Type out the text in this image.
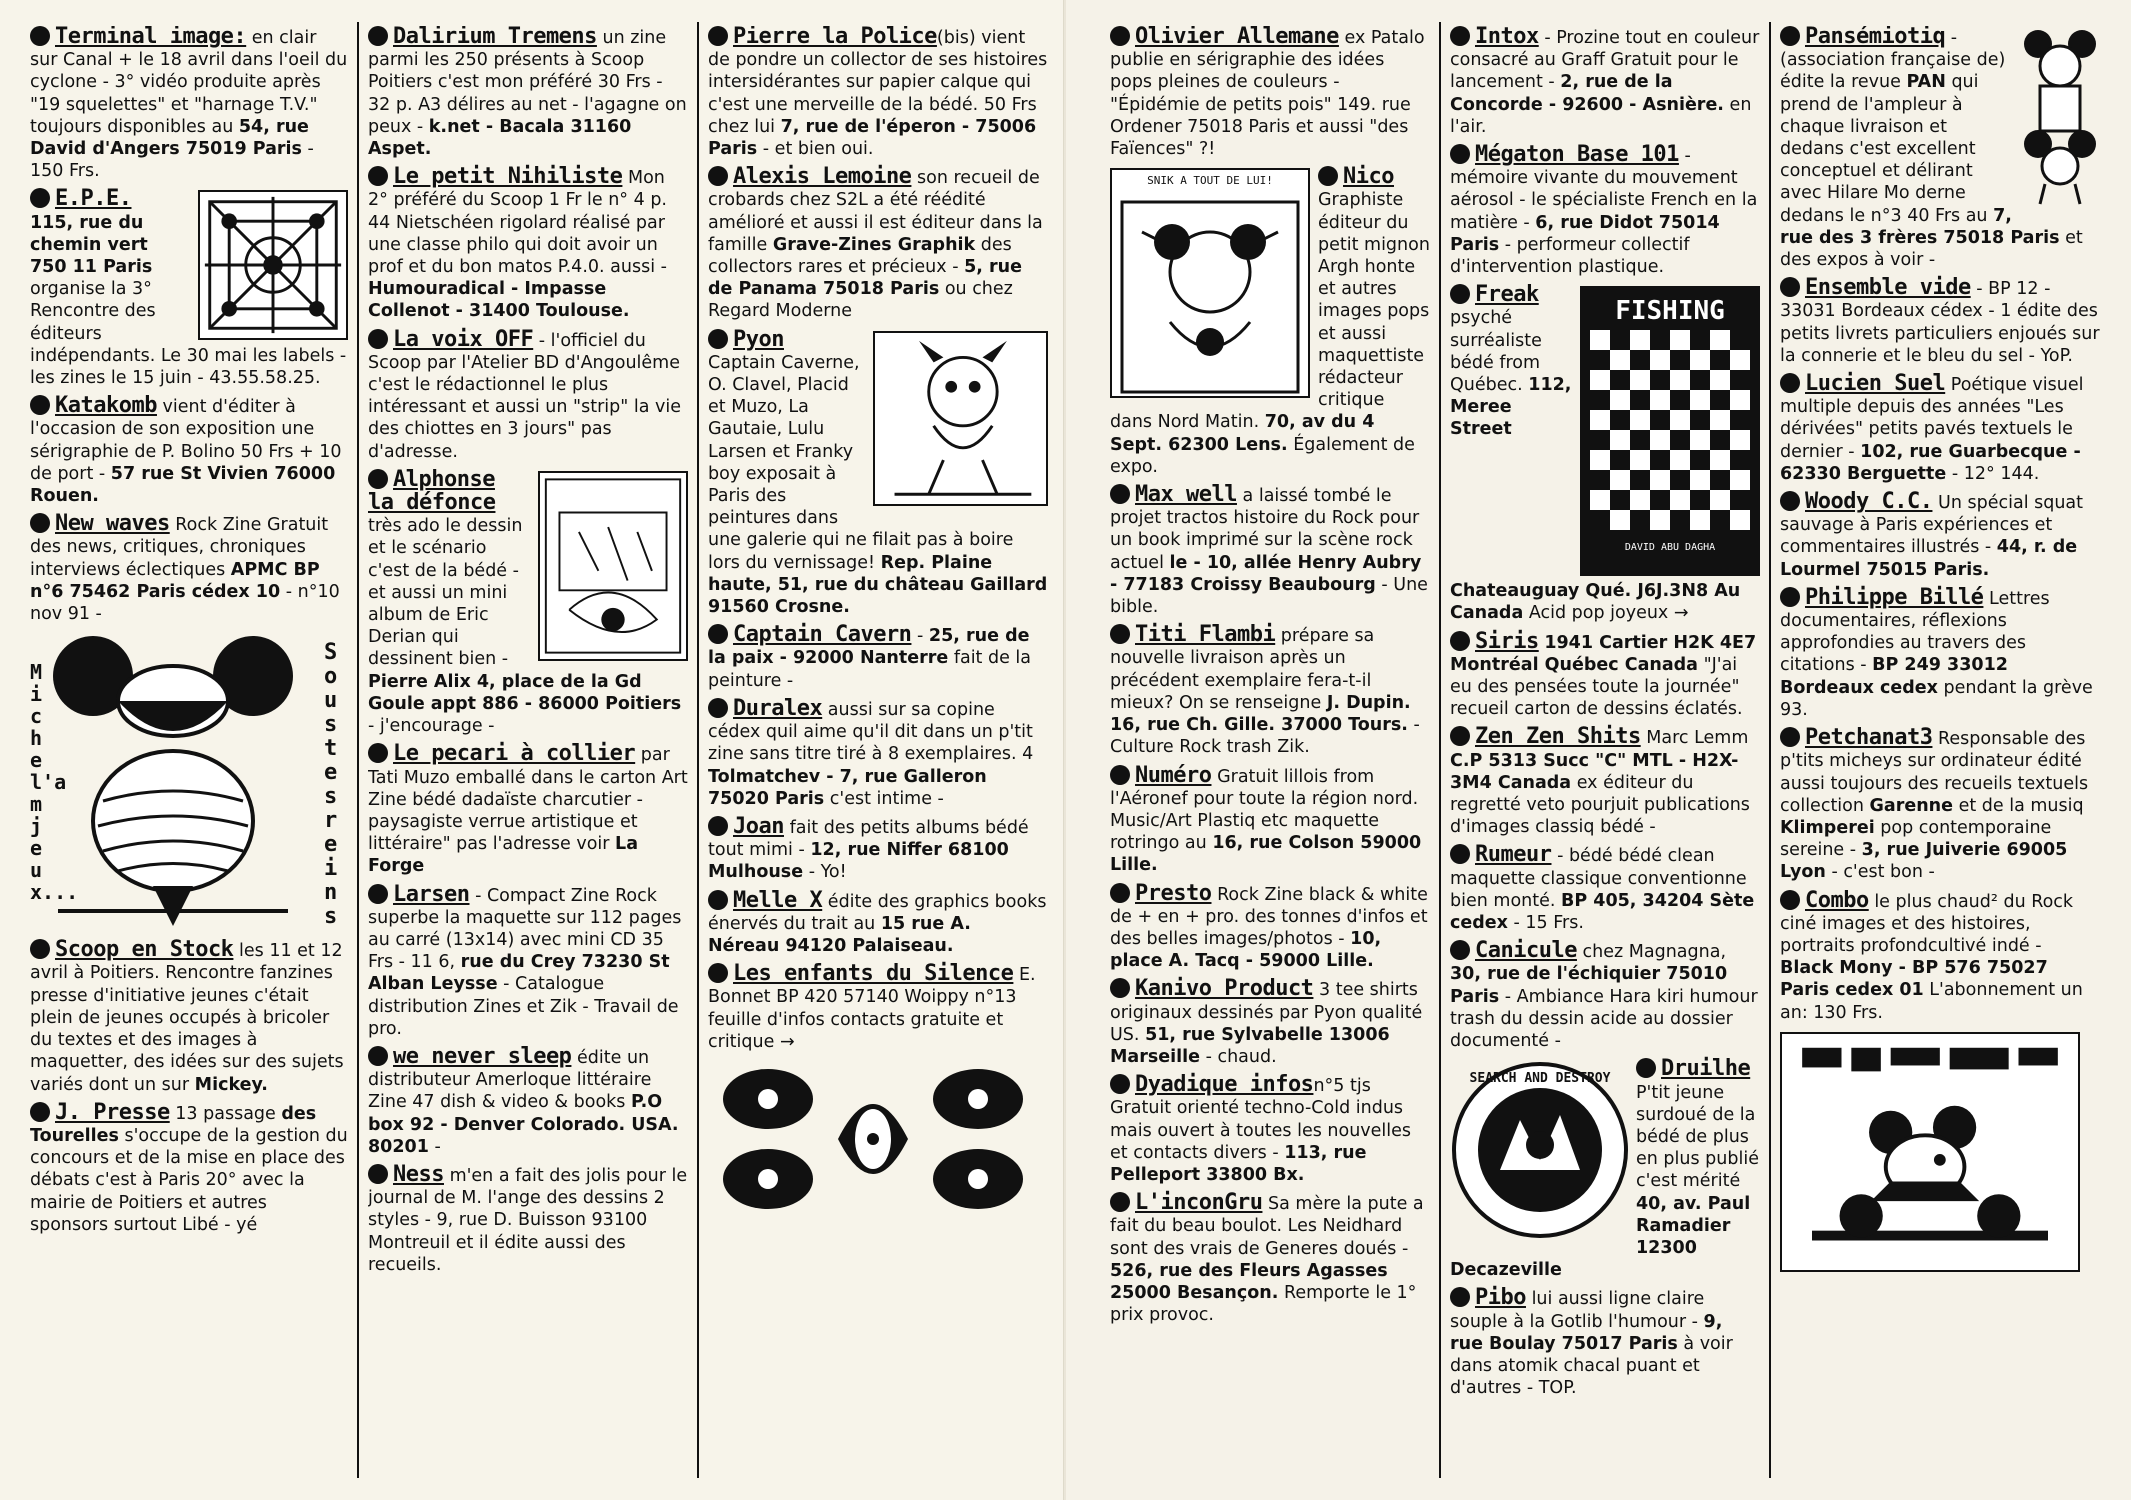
Terminal image: en clair sur Canal + le 18 avril dans l'oeil du cyclone - 3° vidéo produite après "19 squelettes" et "harnage T.V." toujours disponibles au 54, rue David d'Angers 75019 Paris - 150 Frs.
E.P.E.
115, rue du chemin vert 750 11 Paris organise la 3° Rencontre des éditeurs indépendants. Le 30 mai les labels - les zines le 15 juin - 43.55.58.25.
Katakomb vient d'éditer à l'occasion de son exposition une sérigraphie de P. Bolino 50 Frs + 10 de port - 57 rue St Vivien 76000 Rouen.
New waves Rock Zine Gratuit des news, critiques, chroniques interviews éclectiques APMC BP n°6 75462 Paris cédex 10 - n°10 nov 91 -
Miche l'amjeux...
Sous tes reins
Scoop en Stock les 11 et 12 avril à Poitiers. Rencontre fanzines presse d'initiative jeunes c'était plein de jeunes occupés à bricoler du textes et des images à maquetter, des idées sur des sujets variés dont un sur Mickey.
J. Presse 13 passage des Tourelles s'occupe de la gestion du concours et de la mise en place des débats c'est à Paris 20° avec la mairie de Poitiers et autres sponsors surtout Libé - yé
Dalirium Tremens un zine parmi les 250 présents à Scoop Poitiers c'est mon préféré 30 Frs - 32 p. A3 délires au net - l'agagne on peux - k.net - Bacala 31160 Aspet.
Le petit Nihiliste Mon 2° préféré du Scoop 1 Fr le n° 4 p. 44 Nietschéen rigolard réalisé par une classe philo qui doit avoir un prof et du bon matos P.4.0. aussi - Humouradical - Impasse Collenot - 31400 Toulouse.
La voix OFF - l'officiel du Scoop par l'Atelier BD d'Angoulême c'est le rédactionnel le plus intéressant et aussi un "strip" la vie des chiottes en 3 jours" pas d'adresse.
Alphonse la défonce très ado le dessin et le scénario c'est de la bédé - et aussi un mini album de Eric Derian qui dessinent bien - Pierre Alix 4, place de la Gd Goule appt 886 - 86000 Poitiers - j'encourage -
Le pecari à collier par Tati Muzo emballé dans le carton Art Zine bédé dadaïste charcutier - paysagiste verrue artistique et littéraire" pas l'adresse voir La Forge
Larsen - Compact Zine Rock superbe la maquette sur 112 pages au carré (13x14) avec mini CD 35 Frs - 11 6, rue du Crey 73230 St Alban Leysse - Catalogue distribution Zines et Zik - Travail de pro.
we never sleep édite un distributeur Amerloque littéraire Zine 47 dish & video & books P.O box 92 - Denver Colorado. USA. 80201 -
Ness m'en a fait des jolis pour le journal de M. l'ange des dessins 2 styles - 9, rue D. Buisson 93100 Montreuil et il édite aussi des recueils.
Pierre la Police(bis) vient de pondre un collector de ses histoires intersidérantes sur papier calque qui c'est une merveille de la bédé. 50 Frs chez lui 7, rue de l'éperon - 75006 Paris - et bien oui.
Alexis Lemoine son recueil de crobards chez S2L a été réédité amélioré et aussi il est éditeur dans la famille Grave-Zines Graphik des collectors rares et précieux - 5, rue de Panama 75018 Paris ou chez Regard Moderne
Pyon
Captain Caverne, O. Clavel, Placid et Muzo, La Gautaie, Lulu Larsen et Franky boy exposait à Paris des peintures dans une galerie qui ne filait pas à boire lors du vernissage! Rep. Plaine haute, 51, rue du château Gaillard 91560 Crosne.
Captain Cavern - 25, rue de la paix - 92000 Nanterre fait de la peinture -
Duralex aussi sur sa copine cédex quil aime qu'il dit dans un p'tit zine sans titre tiré à 8 exemplaires. 4 Tolmatchev - 7, rue Galleron 75020 Paris c'est intime -
Joan fait des petits albums bédé tout mimi - 12, rue Niffer 68100 Mulhouse - Yo!
Melle X édite des graphics books énervés du trait au 15 rue A. Néreau 94120 Palaiseau.
Les enfants du Silence E. Bonnet BP 420 57140 Woippy n°13 feuille d'infos contacts gratuite et critique →
Olivier Allemane ex Patalo publie en sérigraphie des idées pops pleines de couleurs - "Épidémie de petits pois" 149. rue Ordener 75018 Paris et aussi "des Faïences" ?!
SNIK A TOUT DE LUI!	Nico Graphiste éditeur du petit mignon Argh honte et autres images pops et aussi maquettiste rédacteur critique dans Nord Matin. 70, av du 4 Sept. 62300 Lens. Également de expo.
Max well a laissé tombé le projet tractos histoire du Rock pour un book imprimé sur la scène rock actuel le - 10, allée Henry Aubry - 77183 Croissy Beaubourg - Une bible.
Titi Flambi prépare sa nouvelle livraison après un précédent exemplaire fera-t-il mieux? On se renseigne J. Dupin. 16, rue Ch. Gille. 37000 Tours. - Culture Rock trash Zik.
Numéro Gratuit lillois from l'Aéronef pour toute la région nord. Music/Art Plastiq etc maquette rotringo au 16, rue Colson 59000 Lille.
Presto Rock Zine black & white de + en + pro. des tonnes d'infos et des belles images/photos - 10, place A. Tacq - 59000 Lille.
Kanivo Product 3 tee shirts originaux dessinés par Pyon qualité US. 51, rue Sylvabelle 13006 Marseille - chaud.
Dyadique infosn°5 tjs Gratuit orienté techno-Cold indus mais ouvert à toutes les nouvelles et contacts divers - 113, rue Pelleport 33800 Bx.
L'inconGru Sa mère la pute a fait du beau boulot. Les Neidhard sont des vrais de Generes doués - 526, rue des Fleurs Agasses 25000 Besançon. Remporte le 1° prix provoc.
Intox - Prozine tout en couleur consacré au Graff Gratuit pour le lancement - 2, rue de la Concorde - 92600 - Asnière. en l'air.
Mégaton Base 101 - mémoire vivante du mouvement aérosol - le spécialiste French en la matière - 6, rue Didot 75014 Paris - performeur collectif d'intervention plastique.
FISHING
DAVID ABU DAGHA
Freak psyché surréaliste bédé from Québec. 112, Meree Street Chateauguay Qué. J6J.3N8 Au Canada Acid pop joyeux →
Siris 1941 Cartier H2K 4E7 Montréal Québec Canada "J'ai eu des pensées toute la journée" recueil carton de dessins éclatés.
Zen Zen Shits Marc Lemm C.P 5313 Succ "C" MTL - H2X-3M4 Canada ex éditeur du regretté veto pourjuit publications d'images classiq bédé -
Rumeur - bédé bédé clean maquette classique conventionne bien monté. BP 405, 34204 Sète cedex - 15 Frs.
Canicule chez Magnagna, 30, rue de l'échiquier 75010 Paris - Ambiance Hara kiri humour trash du dessin acide au dossier documenté -
SEARCH AND DESTROY	Druilhe P'tit jeune surdoué de la bédé de plus en plus publié c'est mérité 40, av. Paul Ramadier 12300 Decazeville
Pibo lui aussi ligne claire souple à la Gotlib l'humour - 9, rue Boulay 75017 Paris à voir dans atomik chacal puant et d'autres - TOP.
Pansémiotiq - (association française de) édite la revue PAN qui prend de l'ampleur à chaque livraison et dedans c'est excellent conceptuel et délirant avec Hilare Mo derne dedans le n°3 40 Frs au 7, rue des 3 frères 75018 Paris et des expos à voir -
Ensemble vide - BP 12 - 33031 Bordeaux cédex - 1 édite des petits livrets particuliers enjoués sur la connerie et le bleu du sel - YoP.
Lucien Suel Poétique visuel multiple depuis des années "Les dérivées" petits pavés textuels le dernier - 102, rue Guarbecque - 62330 Berguette - 12° 144.
Woody C.C. Un spécial squat sauvage à Paris expériences et commentaires illustrés - 44, r. de Lourmel 75015 Paris.
Philippe Billé Lettres documentaires, réflexions approfondies au travers des citations - BP 249 33012 Bordeaux cedex pendant la grève 93.
Petchanat3 Responsable des p'tits micheys sur ordinateur édité aussi toujours des recueils textuels collection Garenne et de la musiq Klimperei pop contemporaine sereine - 3, rue Juiverie 69005 Lyon - c'est bon -
Combo le plus chaud² du Rock ciné images et des histoires, portraits profondcultivé indé - Black Mony - BP 576 75027 Paris cedex 01 L'abonnement un an: 130 Frs.
